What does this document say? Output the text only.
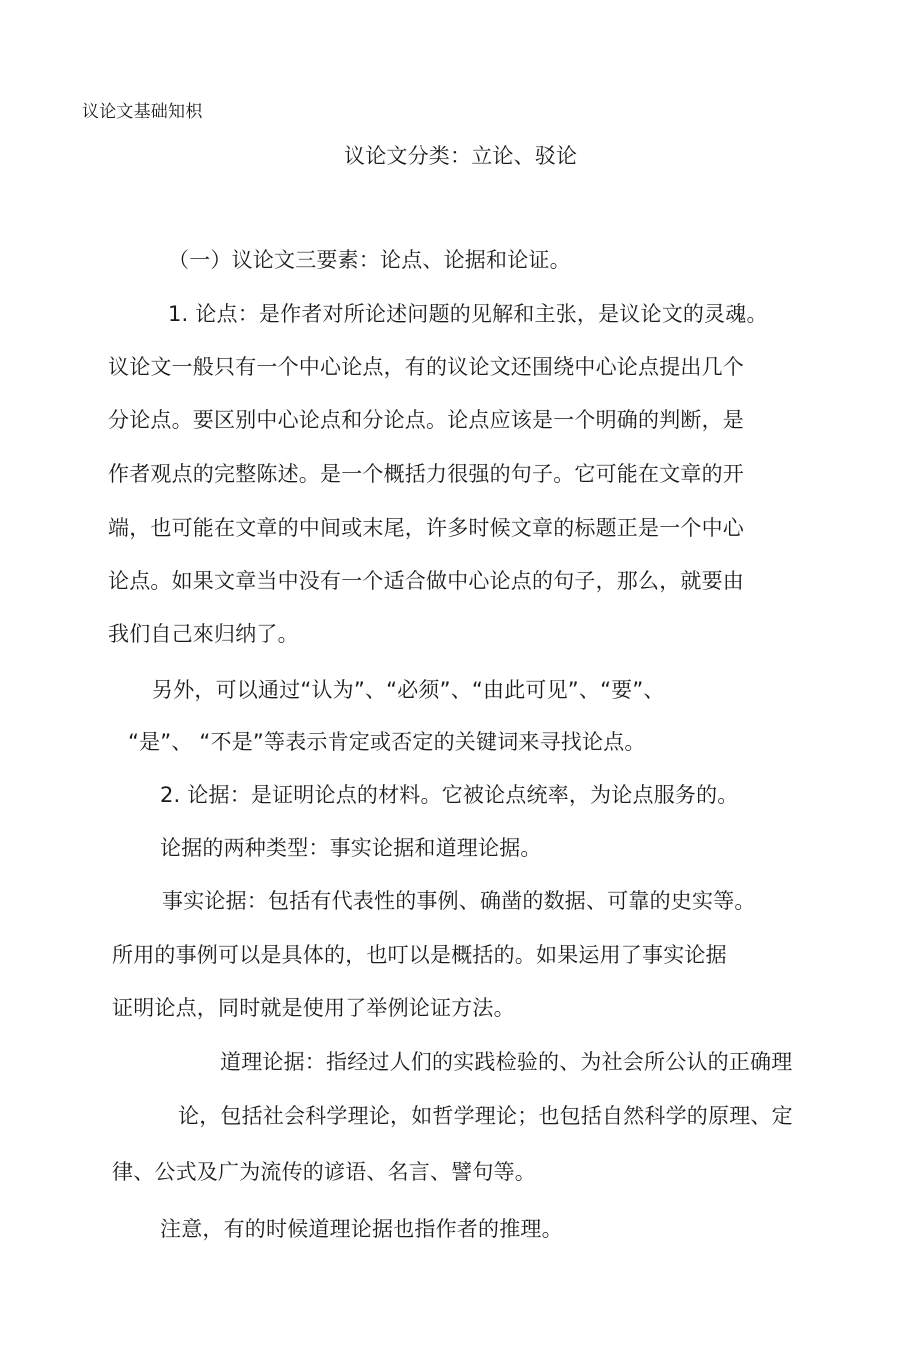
议论文基础知枳
议论文分类：立论、驳论
（一）议论文三要素：论点、论据和论证。
1. 论点：是作者对所论述问题的见解和主张，是议论文的灵魂。
议论文一般只有一个中心论点，有的议论文还围绕中心论点提出几个
分论点。要区别中心论点和分论点。论点应该是一个明确的判断，是
作者观点的完整陈述。是一个概括力很强的句子。它可能在文章的开
端，也可能在文章的中间或末尾，许多时候文章的标题正是一个中心
论点。如果文章当中没有一个适合做中心论点的句子，那么，就要由
我们自己來归纳了。
另外，可以通过“认为”、“必须”、“由此可见”、“要”、
“是”、 “不是”等表示肯定或否定的关键词来寻找论点。
2. 论据：是证明论点的材料。它被论点统率，为论点服务的。
论据的两种类型：事实论据和道理论据。
事实论据：包括有代表性的事例、确凿的数据、可靠的史实等。
所用的事例可以是具体的，也叮以是概括的。如果运用了事实论据
证明论点，同时就是使用了举例论证方法。
道理论据：指经过人们的实践检验的、为社会所公认的正确理
论，包括社会科学理论，如哲学理论；也包括自然科学的原理、定
律、公式及广为流传的谚语、名言、譬句等。
注意，有的时候道理论据也指作者的推理。
